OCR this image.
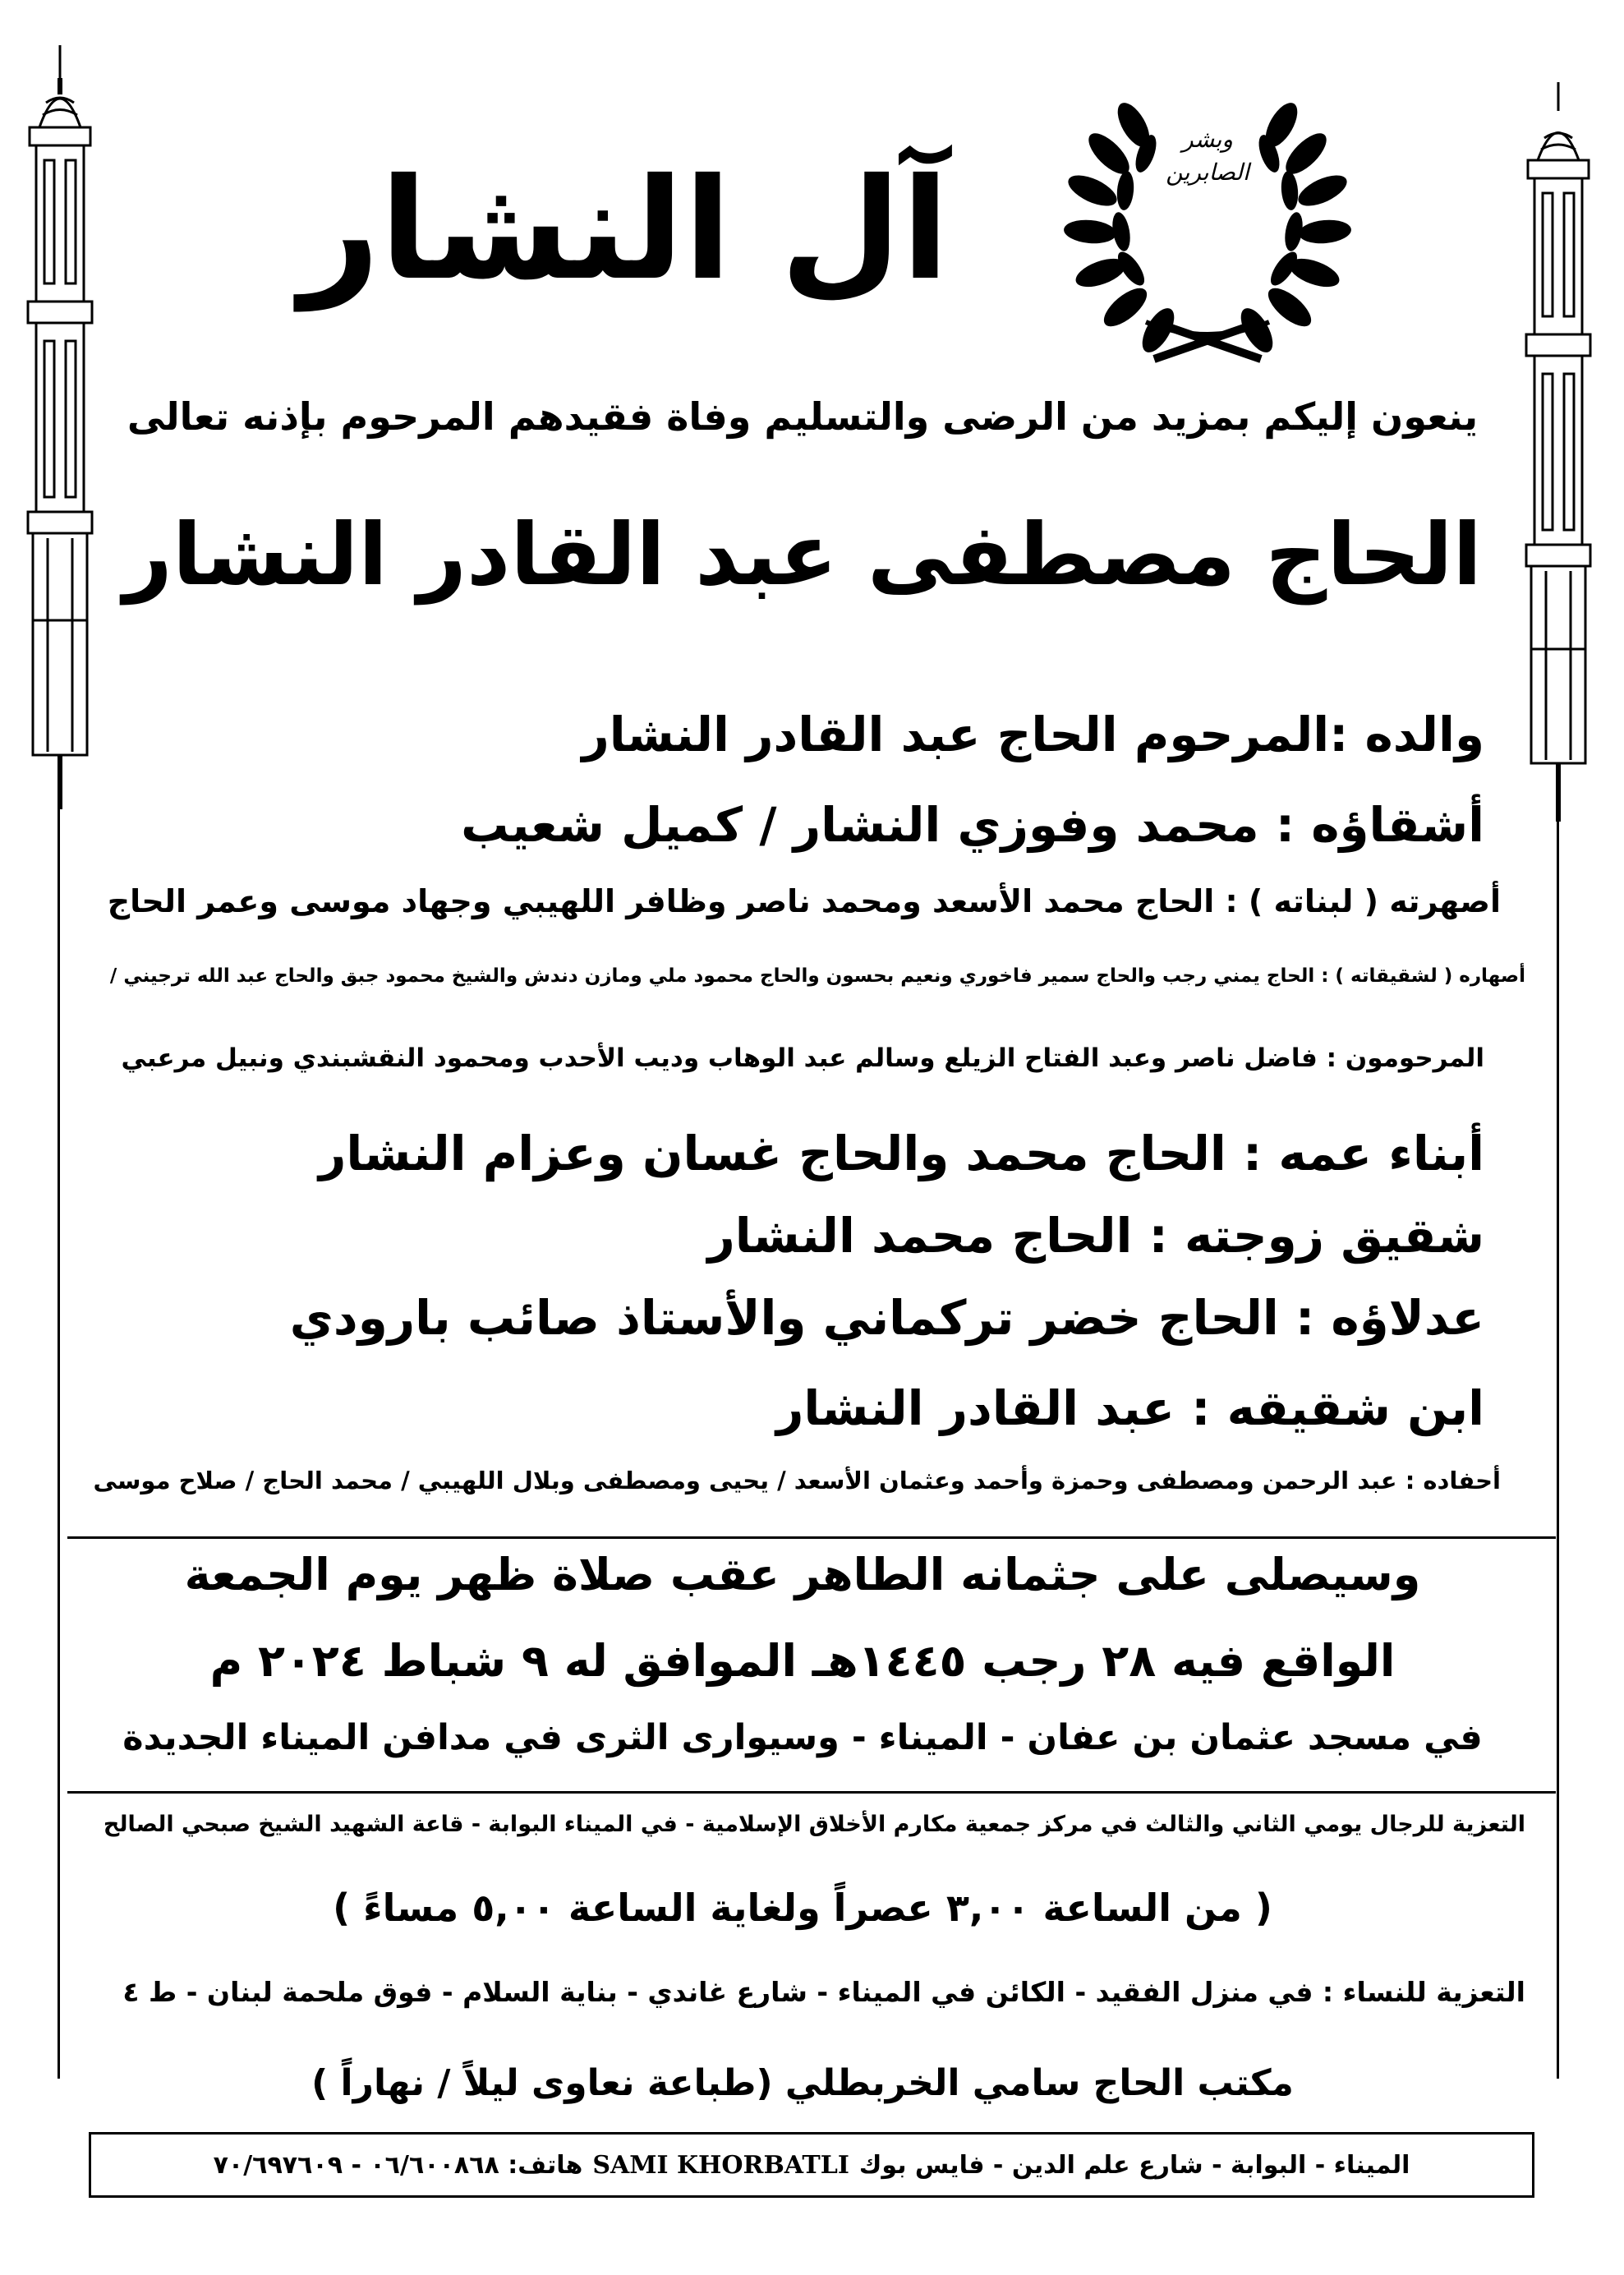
وبشر الصابرين
آل النشار
ينعون إليكم بمزيد من الرضى والتسليم وفاة فقيدهم المرحوم بإذنه تعالى
الحاج مصطفى عبد القادر النشار
والده :المرحوم الحاج عبد القادر النشار
أشقاؤه : محمد وفوزي النشار / كميل شعيب
أصهرته ( لبناته ) : الحاج محمد الأسعد ومحمد ناصر وظافر اللهيبي وجهاد موسى وعمر الحاج
أصهاره ( لشقيقاته ) : الحاج يمني رجب والحاج سمير فاخوري ونعيم بحسون والحاج محمود ملي ومازن دندش والشيخ محمود جبق والحاج عبد الله ترجيني /
المرحومون : فاضل ناصر وعبد الفتاح الزيلع وسالم عبد الوهاب وديب الأحدب ومحمود النقشبندي ونبيل مرعبي
أبناء عمه : الحاج محمد والحاج غسان وعزام النشار
شقيق زوجته : الحاج محمد النشار
عدلاؤه : الحاج خضر تركماني والأستاذ صائب بارودي
ابن شقيقه : عبد القادر النشار
أحفاده : عبد الرحمن ومصطفى وحمزة وأحمد وعثمان الأسعد / يحيى ومصطفى وبلال اللهيبي / محمد الحاج / صلاح موسى
وسيصلى على جثمانه الطاهر عقب صلاة ظهر يوم الجمعة
الواقع فيه ٢٨ رجب ١٤٤٥هـ الموافق له ٩ شباط ٢٠٢٤ م
في مسجد عثمان بن عفان - الميناء - وسيوارى الثرى في مدافن الميناء الجديدة
التعزية للرجال يومي الثاني والثالث في مركز جمعية مكارم الأخلاق الإسلامية - في الميناء البوابة - قاعة الشهيد الشيخ صبحي الصالح
( من الساعة ٣,٠٠ عصراً ولغاية الساعة ٥,٠٠ مساءً )
التعزية للنساء : في منزل الفقيد - الكائن في الميناء - شارع غاندي - بناية السلام - فوق ملحمة لبنان - ط ٤
مكتب الحاج سامي الخربطلي (طباعة نعاوى ليلاً / نهاراً )
الميناء - البوابة - شارع علم الدين - فايس بوك
SAMI KHORBATLI
هاتف: ٠٦/٦٠٠٨٦٨ - ٧٠/٦٩٧٦٠٩
